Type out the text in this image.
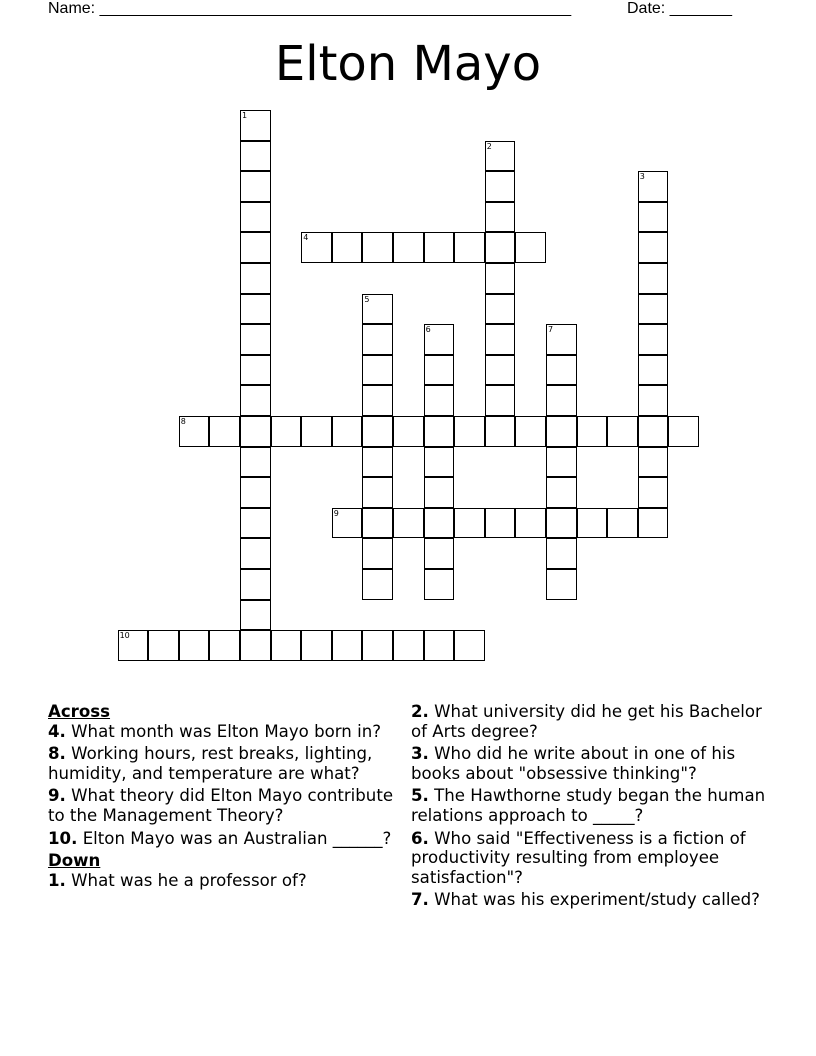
Name: _____________________________________________________	Date: _______
Elton Mayo
1
2
3
4
5
6	7
8
9
10
Across
4. What month was Elton Mayo born in?
8. Working hours, rest breaks, lighting, humidity, and temperature are what?
9. What theory did Elton Mayo contribute to the Management Theory?
10. Elton Mayo was an Australian ______?
Down
1. What was he a professor of?
2. What university did he get his Bachelor of Arts degree?
3. Who did he write about in one of his books about "obsessive thinking"?
5. The Hawthorne study began the human relations approach to _____?
6. Who said "Effectiveness is a fiction of productivity resulting from employee satisfaction"?
7. What was his experiment/study called?
